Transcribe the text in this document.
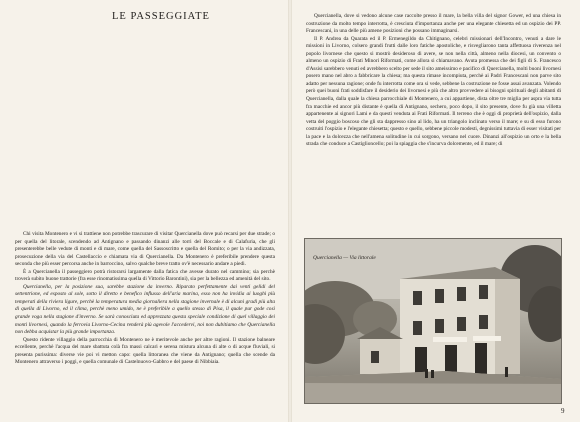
LE PASSEGGIATE

Chi visita Montenero e vi si trattiene non potrebbe trascurare di visitar Quercianella dove può recarsi per due strade; o per quella del litorale, scendendo ad Antignano e passando dinanzi alle torri del Boccale e di Calafuria, che gli presenterebbe belle vedute di monti e di mare, come quella del Sassoscritto e quella del Romito; o per la via andizzata, prosecuzione della via del Castellaccio e chiamata via di Quercianella. Da Montenero è preferibile prendere questa seconda che più esser percorsa anche in barroccino, salvo qualche breve tratto ov'è necessario andare a piedi.

È a Quercianella il passeggiero potrà ristorarsi largamente dalla fatica che avesse durato nel cammino; sia perchè troverà subito buone trattorie (fra esse rinomatissima quella di Vittorio Barontini), sia per la bellezza ed amenità del sito.

Quercianella, per la posizione sua, sarebbe stazione da inverno. Riparato perfettamente dai venti gelidi del settentrione, ed esposto al sole, sotto il diretto e benefico influsso dell'aria marina, esso non ha invidia ai luoghi più temperati della riviera ligure, perchè la temperatura media giornaliera nella stagione invernale è di alcuni gradi più alta di quella di Livorno, ed il clima, perchè meno umido, ne è preferibile a quello stesso di Pisa, il quale pur gode così grande voga nella stagione d'inverno. Se sarà conosciuta ed apprezzata questa speciale condizione di quel villaggio dei monti livornesi, quando la ferrovia Livorno-Cecina renderà più agevole l'accedervi, noi non dubitiamo che Quercianella non debba acquistar la più grande importanza.

Questo ridente villaggio della parrocchia di Montenero ne è meritevole anche per altre ragioni. Il stazione balneare eccellente, perchè l'acqua del mare sbattuta colà fra massi calcari e serena mistura alcuna di alte o di acque fluviali, si presenta purissima: diverse vie poi vi metton capo: quella littoranea che viene da Antignano; quella che scende da Montenero attraverso i poggi, e quella comunale di Castelnuovo-Gabbro e del paese di Nibbiaia.

Quercianella, dove si vedono alcune case raccolte presso il mare, la bella villa del signor Gower, ed una chiesa in costruzione da molto tempo interrotta, è cresciuta d'importanza anche per una elegante chiesetta ed un ospizio dei PP. Francescani, in una delle più amene posizioni che possano immaginarsi.

Il P. Andrea da Quarata ed il P. Ermenegildo da Chitignano, celebri missionari dell'Incontro, venuti a dare le missioni in Livorno, colsero grandi frutti dalle loro fatiche apostoliche, e risvegliarono tanta affettuosa riverenza nel popolo livornese che questo si mostrò desideroso di avere, se non nella città, almeno nella diocesi, un convento o almeno un ospizio di Frati Minori Riformati, come allora si chiamavano. Avuta promessa che dei figli di S. Francesco d'Assisi sarebbero venuti ed avrebbero scelto per sede il sito ameissimo e pacifico di Quercianella, molti buoni livornesi posero mano nel abro a fabbricare la chiesa; ma questa rimase incompiuta, perchè ai Padri Francescani non parve sito adatto per nessuna ragione; onde fu interrotta come ora si vede, sebbene la costruzione ne fosse assai avanzata. Volendo però quei buoni frati soddisfare il desiderio dei livornesi e più che altro provvedere ai bisogni spirituali degli abitanti di Quercianella, dalla quale la chiesa parrocchiale di Montenero, a cui appartiene, dista oltre tre miglia per aspra via tutta fra macchie ed ancor più distante è quella di Antignano, sechero, poco dopo, il sito presente, dove fu già una villetta appartenente ai signori Lami e da questi venduta ai Frati Riformati. Il terreno che è oggi di proprietà dell'ospizio, dalla vetta del poggio boscoso che gli sta dappresso sino al lido, ha un triangolo inclinato verso il mare; e su di esso furono costruiti l'ospizio e l'elegante chiesetta; questo e quello, sebbene piccole modesti, degnissimi tuttavia di esser visitati per la pace e la dolcezza che nell'amena solitudine in cui sorgono, versano nel cuore. Dinanzi all'ospizio un orto e la bella strada che conduce a Castiglioncello; poi la spiaggia che s'incurva dolcemente, ed il mare; di

Quercianella — Via littorale
9
